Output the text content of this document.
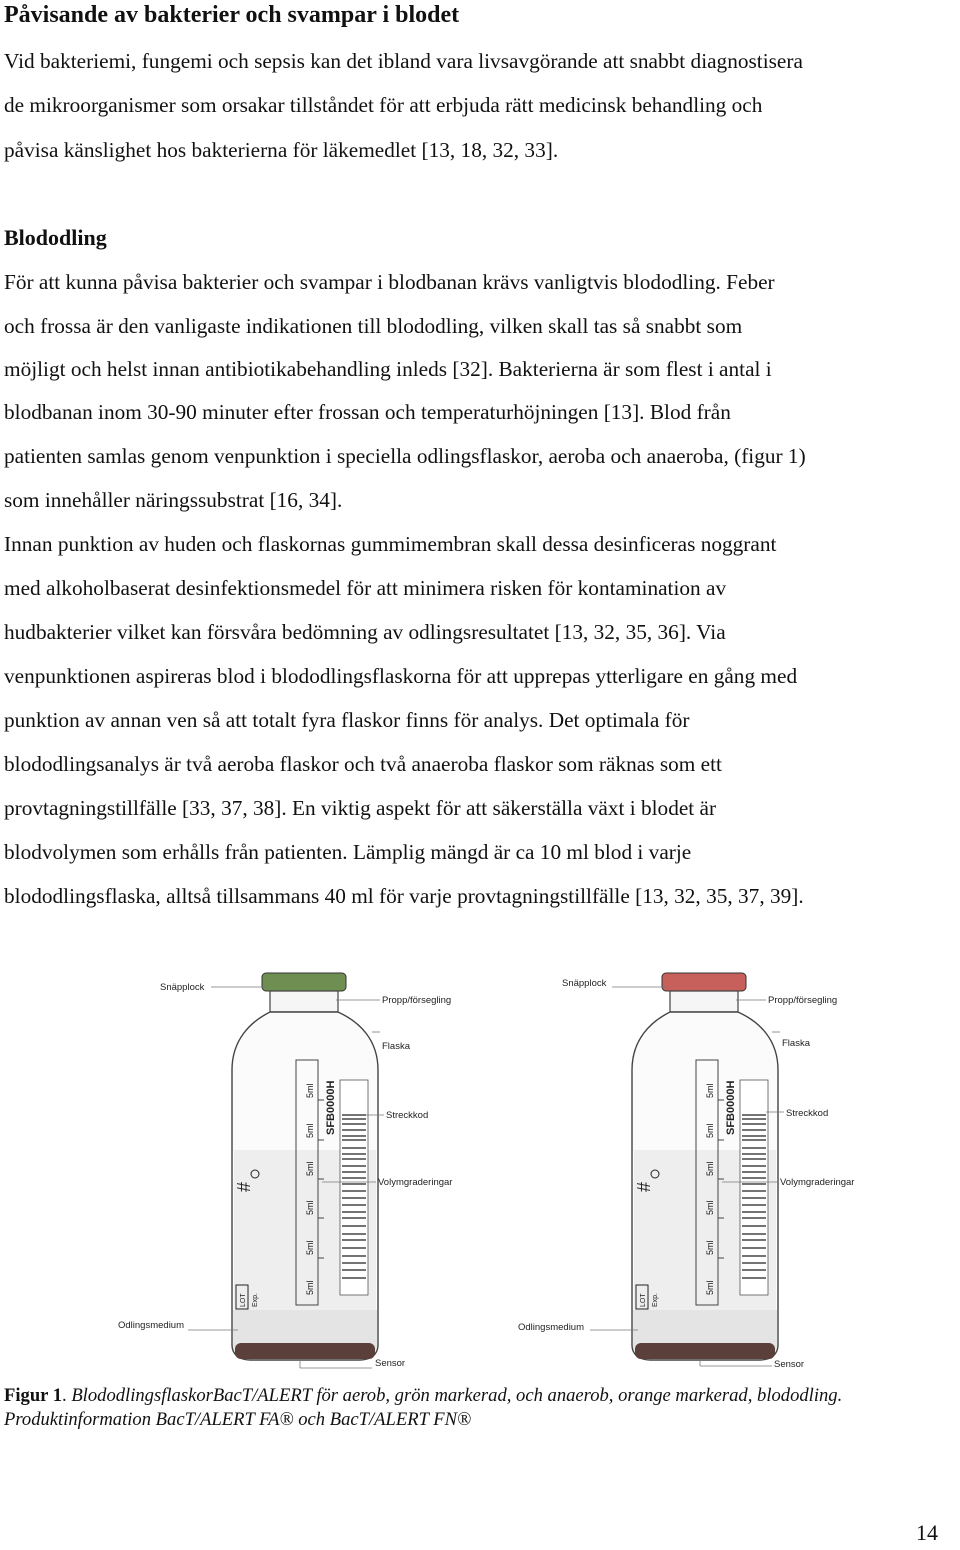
Påvisande av bakterier och svampar i blodet
Vid bakteriemi, fungemi och sepsis kan det ibland vara livsavgörande att snabbt diagnostisera
de mikroorganismer som orsakar tillståndet för att erbjuda rätt medicinsk behandling och
påvisa känslighet hos bakterierna för läkemedlet [13, 18, 32, 33].
Blododling
För att kunna påvisa bakterier och svampar i blodbanan krävs vanligtvis blododling. Feber
och frossa är den vanligaste indikationen till blododling, vilken skall tas så snabbt som
möjligt och helst innan antibiotikabehandling inleds [32]. Bakterierna är som flest i antal i
blodbanan inom 30-90 minuter efter frossan och temperaturhöjningen [13]. Blod från
patienten samlas genom venpunktion i speciella odlingsflaskor, aeroba och anaeroba, (figur 1)
som innehåller näringssubstrat [16, 34].
Innan punktion av huden och flaskornas gummimembran skall dessa desinficeras noggrant
med alkoholbaserat desinfektionsmedel för att minimera risken för kontamination av
hudbakterier vilket kan försvåra bedömning av odlingsresultatet [13, 32, 35, 36]. Via
venpunktionen aspireras blod i blododlingsflaskorna för att upprepas ytterligare en gång med
punktion av annan ven så att totalt fyra flaskor finns för analys. Det optimala för
blododlingsanalys är två aeroba flaskor och två anaeroba flaskor som räknas som ett
provtagningstillfälle [33, 37, 38]. En viktig aspekt för att säkerställa växt i blodet är
blodvolymen som erhålls från patienten. Lämplig mängd är ca 10 ml blod i varje
blododlingsflaska, alltså tillsammans 40 ml för varje provtagningstillfälle [13, 32, 35, 37, 39].
SFB0000H
5ml
5ml
5ml
5ml
5ml
5ml
#
LOT Exp.
Snäpplock
Propp/försegling
Flaska
Streckkod
Volymgraderingar
Odlingsmedium
Sensor
SFB0000H
5ml
5ml
5ml
5ml
5ml
5ml
#
LOT Exp.
Snäpplock
Propp/försegling
Flaska
Streckkod
Volymgraderingar
Odlingsmedium
Sensor
Figur 1. BlododlingsflaskorBacT/ALERT för aerob, grön markerad, och anaerob, orange markerad, blododling.
Produktinformation BacT/ALERT FA® och BacT/ALERT FN®
14
